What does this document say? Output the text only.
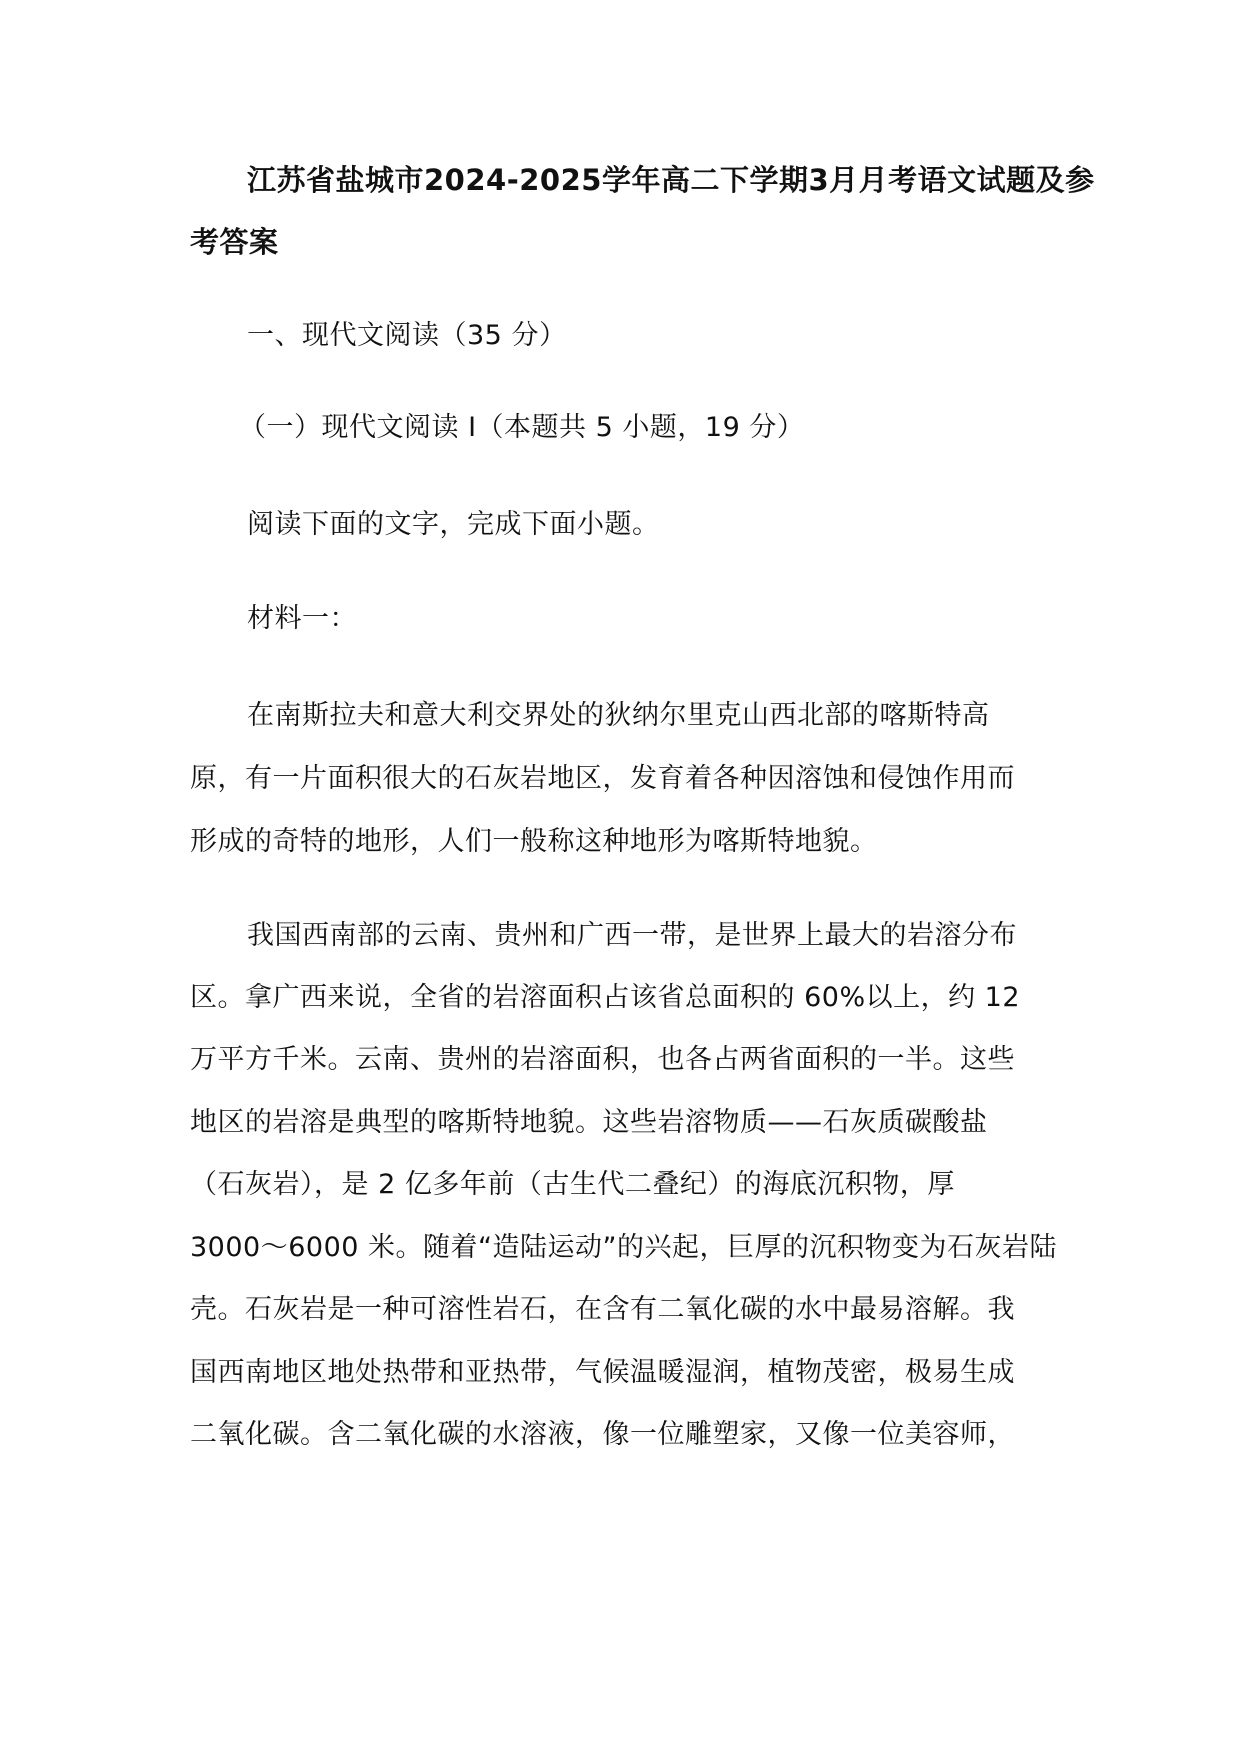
江苏省盐城市2024-2025学年高二下学期3月月考语文试题及参
考答案
一、现代文阅读（35 分）
（一）现代文阅读 I（本题共 5 小题，19 分）
阅读下面的文字，完成下面小题。
材料一：
在南斯拉夫和意大利交界处的狄纳尔里克山西北部的喀斯特高
原，有一片面积很大的石灰岩地区，发育着各种因溶蚀和侵蚀作用而
形成的奇特的地形，人们一般称这种地形为喀斯特地貌。
我国西南部的云南、贵州和广西一带，是世界上最大的岩溶分布
区。拿广西来说，全省的岩溶面积占该省总面积的 60%以上，约 12
万平方千米。云南、贵州的岩溶面积，也各占两省面积的一半。这些
地区的岩溶是典型的喀斯特地貌。这些岩溶物质——石灰质碳酸盐
（石灰岩），是 2 亿多年前（古生代二叠纪）的海底沉积物，厚
3000～6000 米。随着“造陆运动”的兴起，巨厚的沉积物变为石灰岩陆
壳。石灰岩是一种可溶性岩石，在含有二氧化碳的水中最易溶解。我
国西南地区地处热带和亚热带，气候温暖湿润，植物茂密，极易生成
二氧化碳。含二氧化碳的水溶液，像一位雕塑家，又像一位美容师，
